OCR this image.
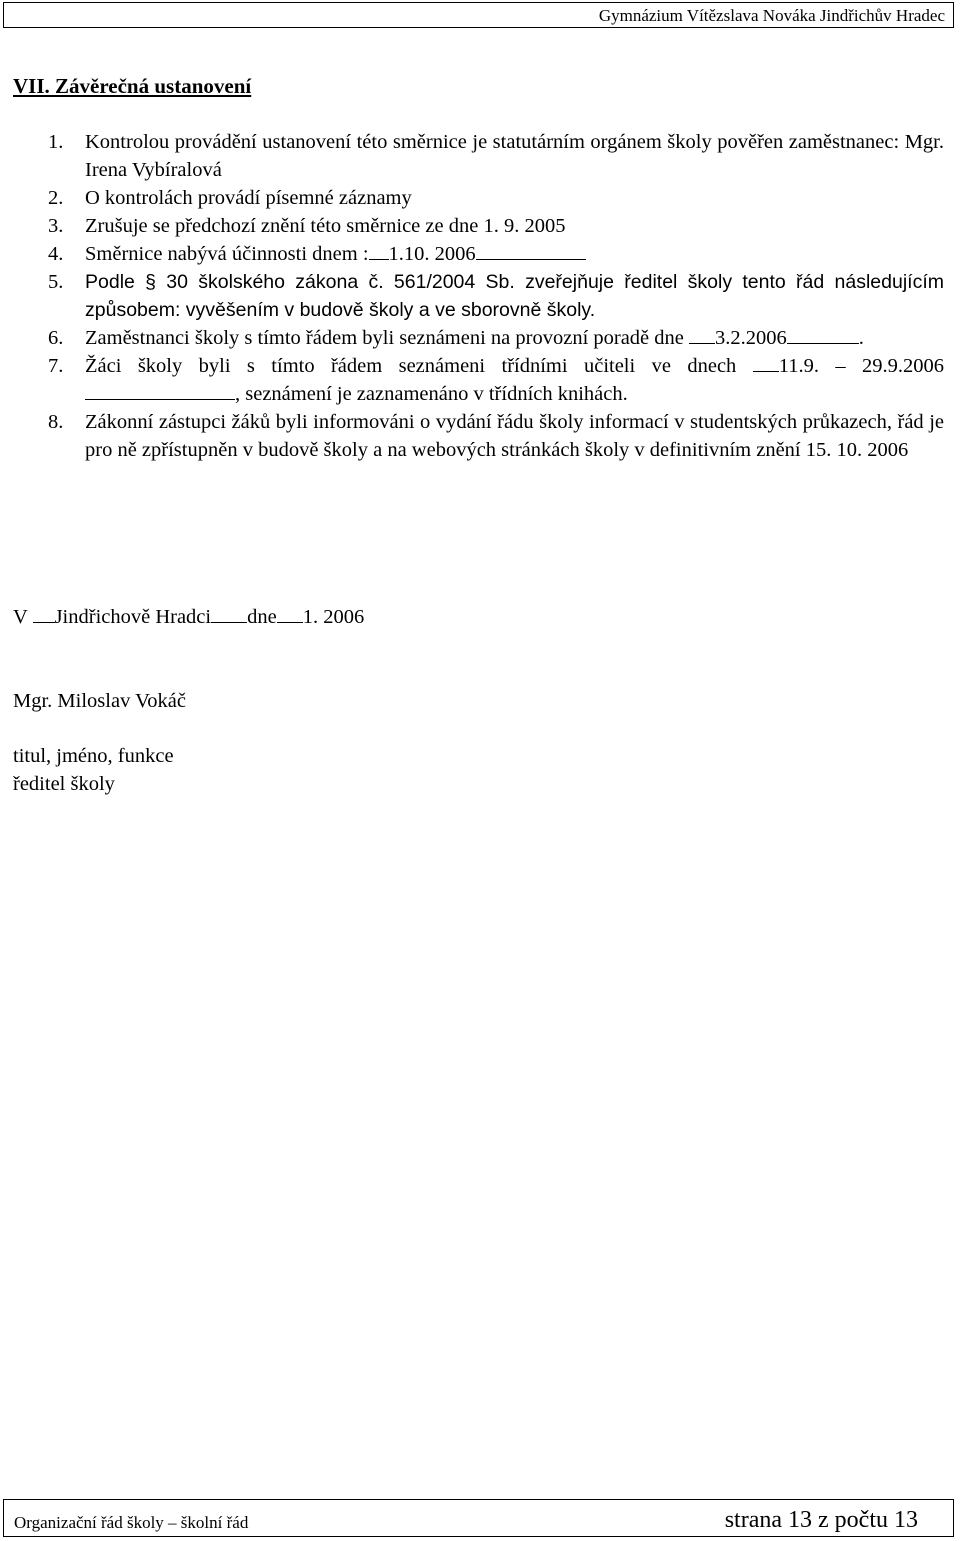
Gymnázium Vítězslava Nováka Jindřichův Hradec
VII. Závěrečná ustanovení
1. Kontrolou provádění ustanovení této směrnice je statutárním orgánem školy pověřen zaměstnanec: Mgr. Irena Vybíralová
2. O kontrolách provádí písemné záznamy
3. Zrušuje se předchozí znění této směrnice ze dne 1. 9. 2005
4. Směrnice nabývá účinnosti dnem : 1.10. 2006
5. Podle § 30 školského zákona č. 561/2004 Sb. zveřejňuje ředitel školy tento řád následujícím způsobem: vyvěšením v budově školy a ve sborovně školy.
6. Zaměstnanci školy s tímto řádem byli seznámeni na provozní poradě dne 3.2.2006	.
7. Žáci školy byli s tímto řádem seznámeni třídními učiteli ve dnech 11.9. – 29.9.2006, seznámení je zaznamenáno v třídních knihách.
8. Zákonní zástupci žáků byli informováni o vydání řádu školy informací v studentských průkazech, řád je pro ně zpřístupněn v budově školy a na webových stránkách školy v definitivním znění 15. 10. 2006
V Jindřichově Hradci dne 1. 2006
Mgr. Miloslav Vokáč
titul, jméno, funkce
ředitel školy
Organizační řád školy – školní řád	strana 13 z počtu 13
